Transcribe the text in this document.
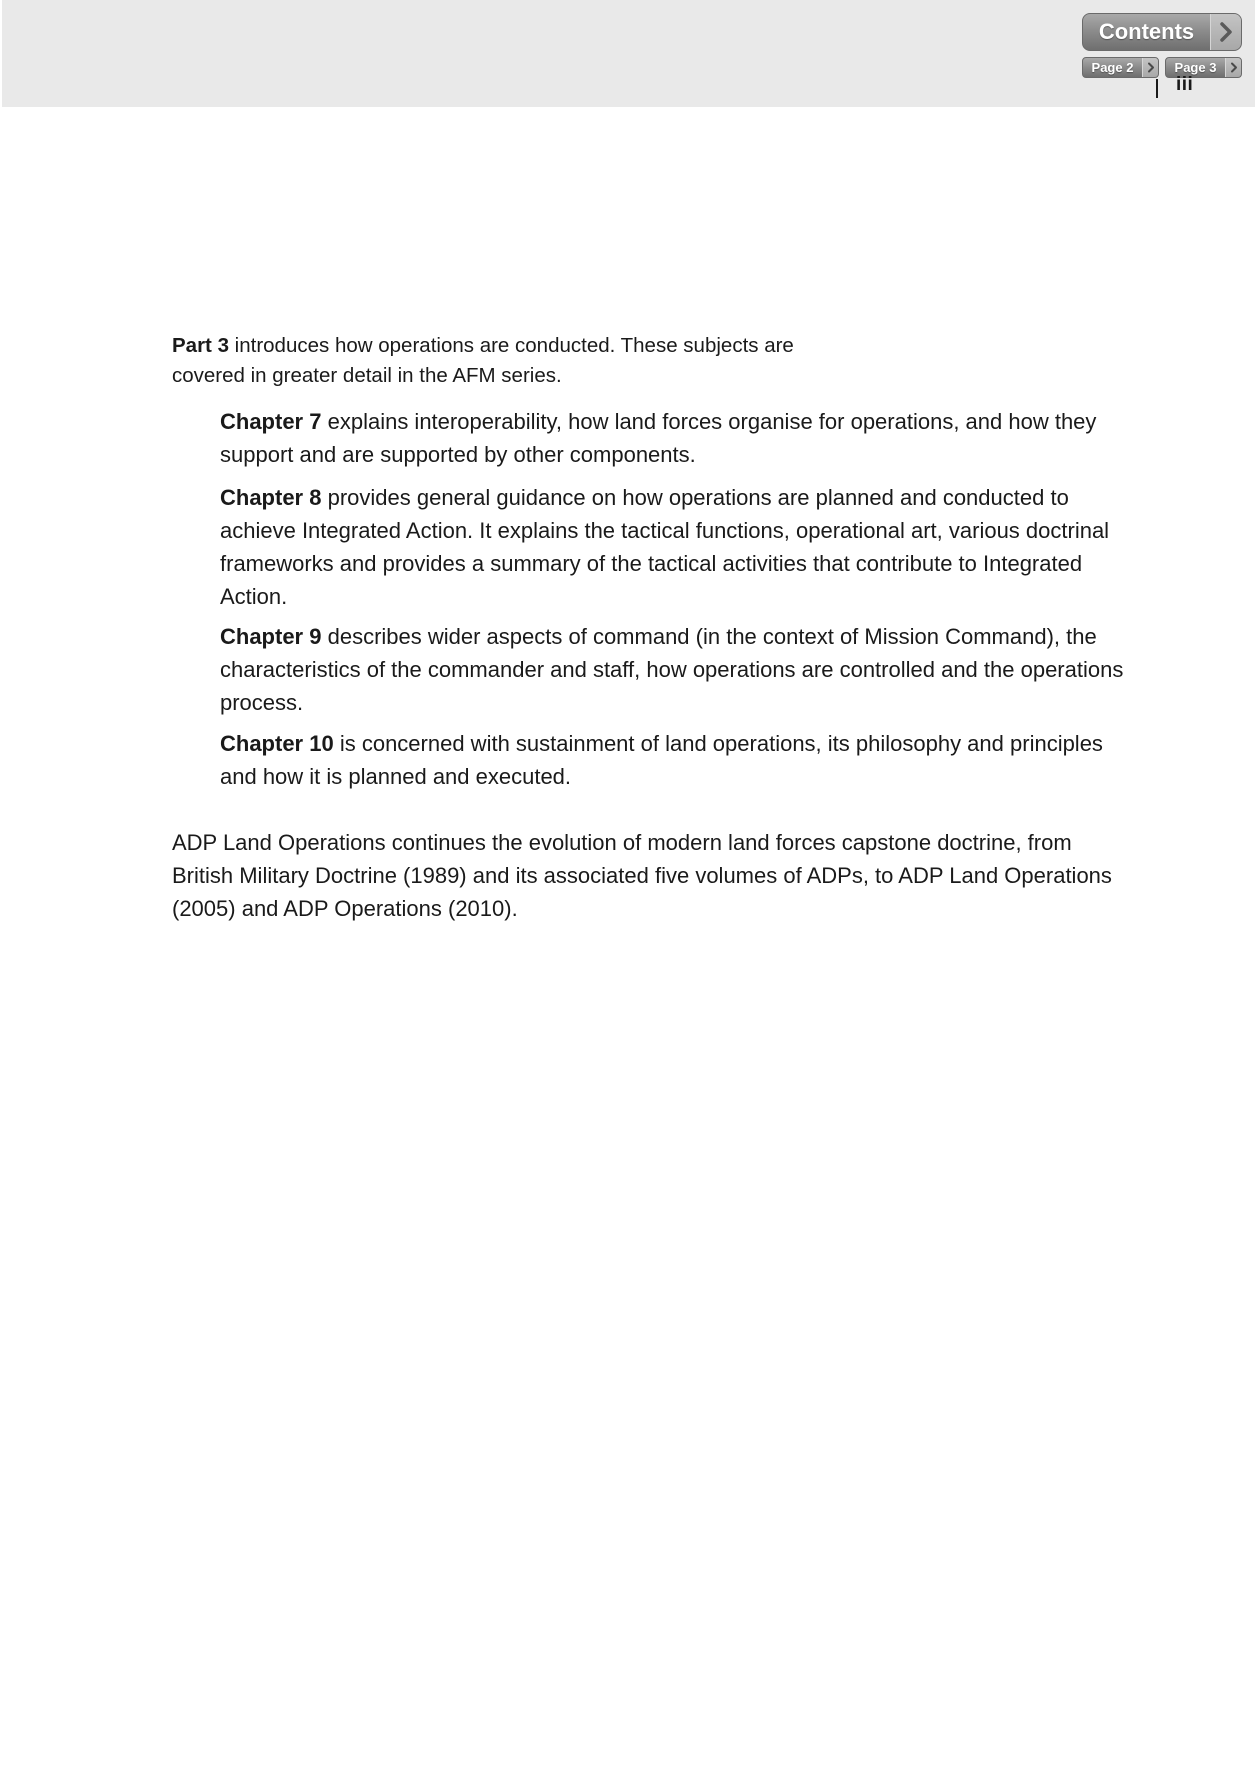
Contents
Page 2	Page 3
iii

Part 3 introduces how operations are conducted. These subjects are covered in greater detail in the AFM series.

Chapter 7 explains interoperability, how land forces organise for operations, and how they support and are supported by other components.

Chapter 8 provides general guidance on how operations are planned and conducted to achieve Integrated Action. It explains the tactical functions, operational art, various doctrinal frameworks and provides a summary of the tactical activities that contribute to Integrated Action.

Chapter 9 describes wider aspects of command (in the context of Mission Command), the characteristics of the commander and staff, how operations are controlled and the operations process.

Chapter 10 is concerned with sustainment of land operations, its philosophy and principles and how it is planned and executed.

ADP Land Operations continues the evolution of modern land forces capstone doctrine, from British Military Doctrine (1989) and its associated five volumes of ADPs, to ADP Land Operations (2005) and ADP Operations (2010).
